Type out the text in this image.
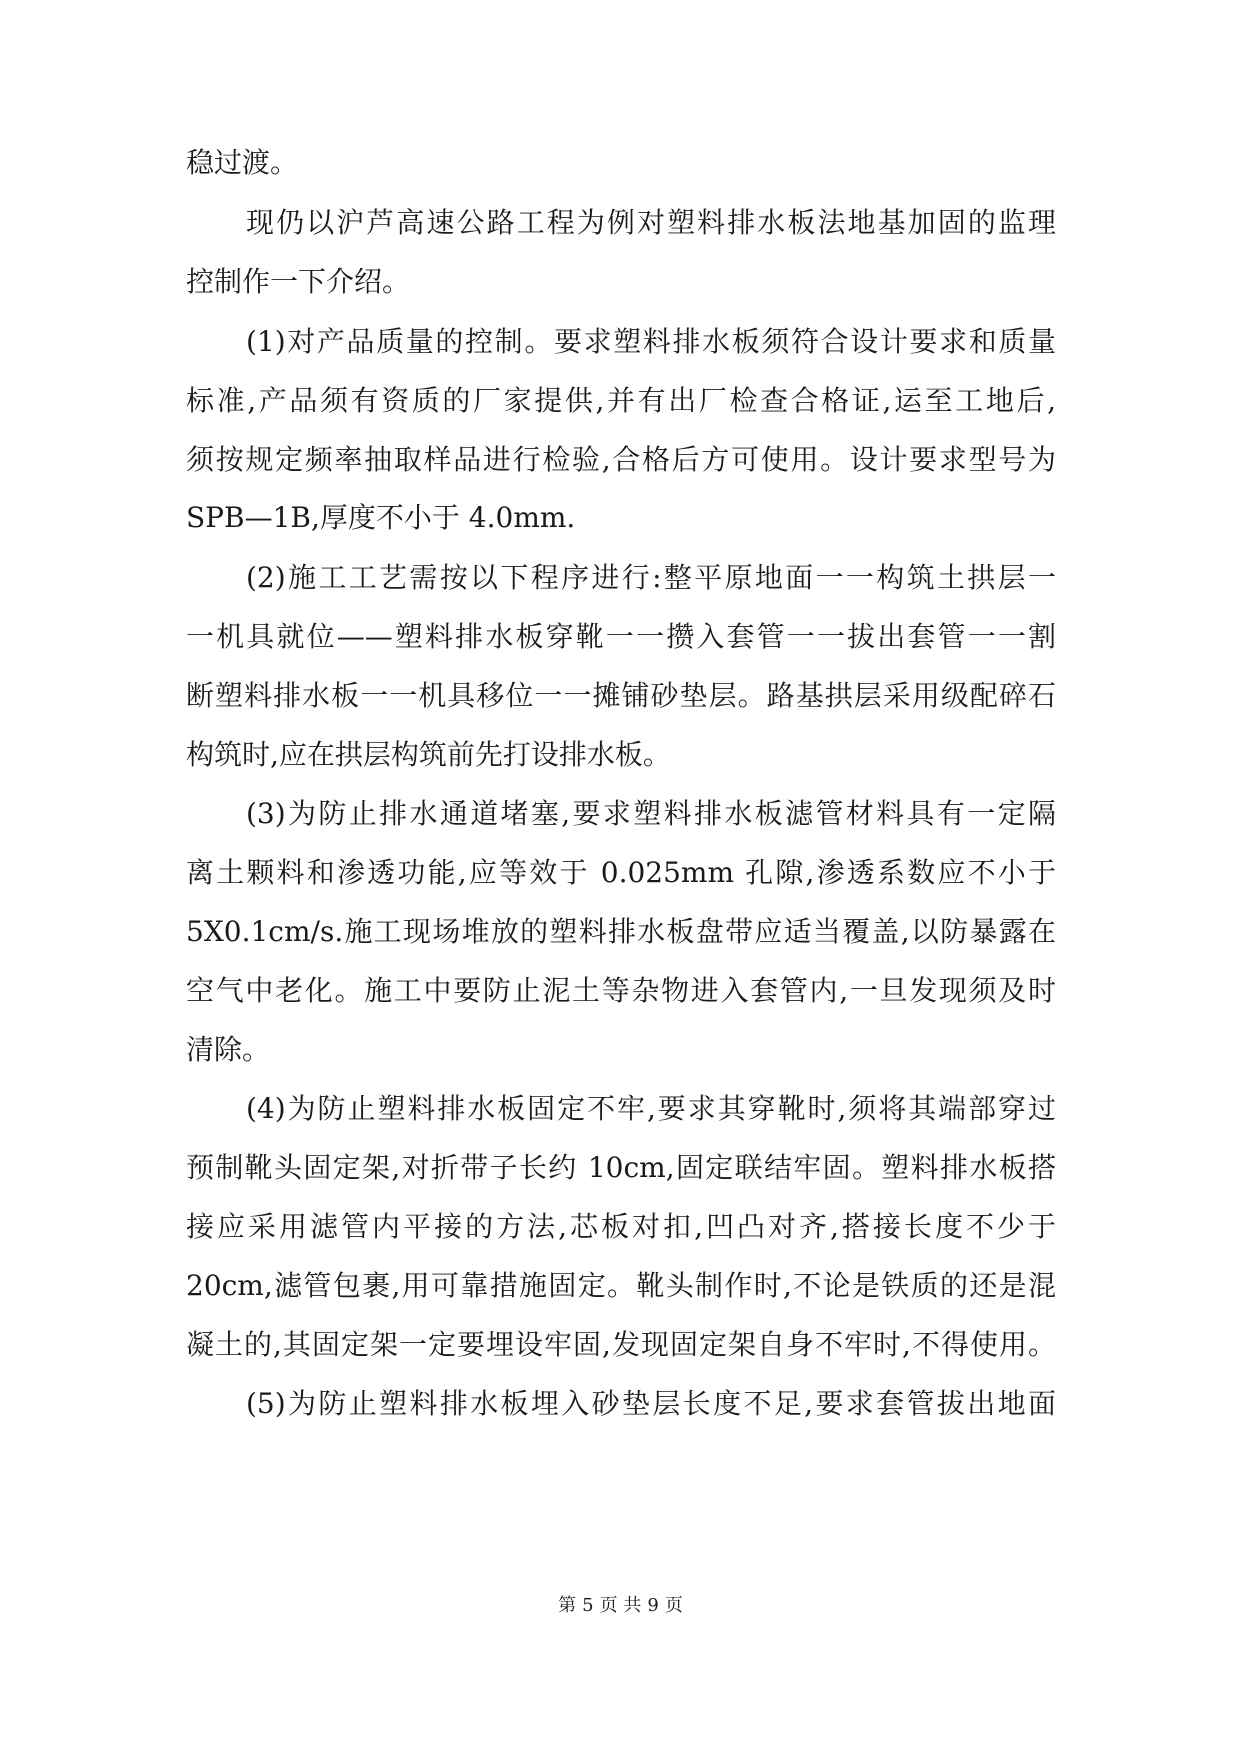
稳过渡。
现仍以沪芦高速公路工程为例对塑料排水板法地基加固的监理
控制作一下介绍。
(1)对产品质量的控制。要求塑料排水板须符合设计要求和质量
标准,产品须有资质的厂家提供,并有出厂检查合格证,运至工地后,
须按规定频率抽取样品进行检验,合格后方可使用。设计要求型号为
SPB—1B,厚度不小于 4.0mm.
(2)施工工艺需按以下程序进行:整平原地面一一构筑土拱层一
一机具就位——塑料排水板穿靴一一攒入套管一一拔出套管一一割
断塑料排水板一一机具移位一一摊铺砂垫层。路基拱层采用级配碎石
构筑时,应在拱层构筑前先打设排水板。
(3)为防止排水通道堵塞,要求塑料排水板滤管材料具有一定隔
离土颗料和渗透功能,应等效于 0.025mm 孔隙,渗透系数应不小于
5X0.1cm/s.施工现场堆放的塑料排水板盘带应适当覆盖,以防暴露在
空气中老化。施工中要防止泥土等杂物进入套管内,一旦发现须及时
清除。
(4)为防止塑料排水板固定不牢,要求其穿靴时,须将其端部穿过
预制靴头固定架,对折带子长约 10cm,固定联结牢固。塑料排水板搭
接应采用滤管内平接的方法,芯板对扣,凹凸对齐,搭接长度不少于
20cm,滤管包裹,用可靠措施固定。靴头制作时,不论是铁质的还是混
凝土的,其固定架一定要埋设牢固,发现固定架自身不牢时,不得使用。
(5)为防止塑料排水板埋入砂垫层长度不足,要求套管拔出地面
第 5 页 共 9 页
